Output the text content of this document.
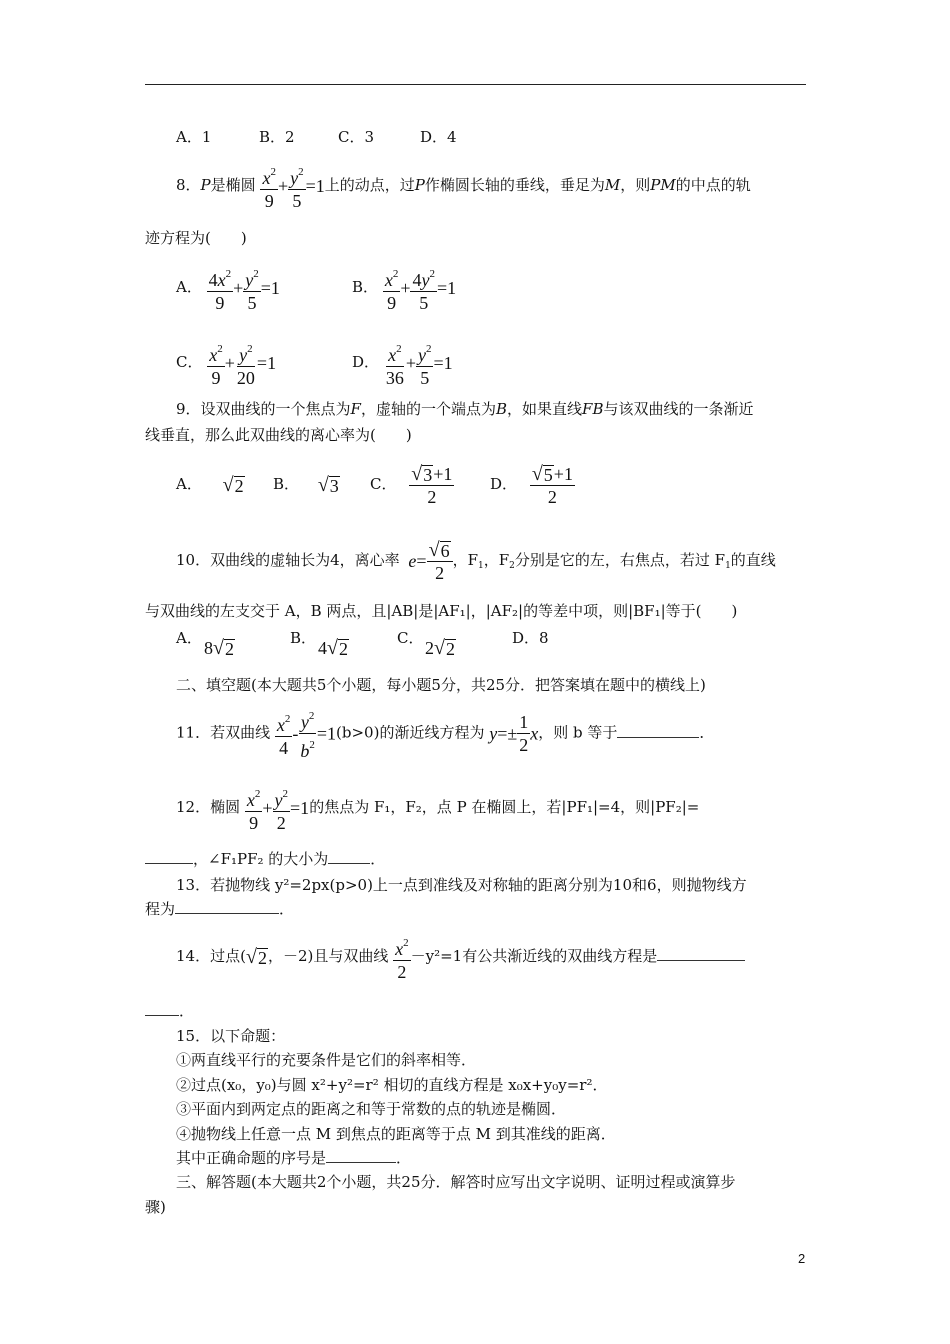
A．1	B．2	C．3	D．4
8．P是椭圆 $\frac{x^2}{9} + \frac{y^2}{5} =1$上的动点，过P作椭圆长轴的垂线，垂足为M，则PM的中点的轨
迹方程为(　　)
A． $\frac{4x^2}{9} + \frac{y^2}{5} =1$	B． $\frac{x^2}{9} + \frac{4y^2}{5} =1$
C． $\frac{x^2}{9} + \frac{y^2}{20} =1$	D． $\frac{x^2}{36} + \frac{y^2}{5} =1$
9．设双曲线的一个焦点为F，虚轴的一个端点为B，如果直线FB与该双曲线的一条渐近
线垂直，那么此双曲线的离心率为(　　)
A． √ 2 B． √ 3 C． $\frac{√ 3 +1}{2}$ D． $\frac{√ 5 +1}{2}$
10．双曲线的虚轴长为4，离心率 $e= \frac{√ 6}{2}$ ，$F_1$，$F_2$分别是它的左，右焦点，若过 $F_1$的直线
与双曲线的左支交于 A，B 两点，且|AB|是|AF₁|，|AF₂|的等差中项，则|BF₁|等于(　　)
A． 8 √ 2
B． 4 √ 2
C． 2 √ 2
D．8
二、填空题(本大题共5个小题，每小题5分，共25分．把答案填在题中的横线上)
11．若双曲线 $\frac{x^2}{4} - \frac{y^2}{b^2} =1(b>0)$的渐近线方程为 $y=\pm \frac{1}{2}$ x，则 b 等于	．
12．椭圆 $\frac{x^2}{9} + \frac{y^2}{2} =1$的焦点为 F₁，F₂，点 P 在椭圆上，若|PF₁|=4，则|PF₂|=
，∠F₁PF₂ 的大小为	．
13．若抛物线 y²=2px(p>0)上一点到准线及对称轴的距离分别为10和6，则抛物线方
程为	．
14．过点( √ 2 ，－2)且与双曲线 $\frac{x^2}{2} -y^2=1$有公共渐近线的双曲线方程是
．
15．以下命题：
①两直线平行的充要条件是它们的斜率相等．
②过点(x₀，y₀)与圆 x²+y²=r² 相切的直线方程是 x₀x+y₀y=r²．
③平面内到两定点的距离之和等于常数的点的轨迹是椭圆．
④抛物线上任意一点 M 到焦点的距离等于点 M 到其准线的距离．
其中正确命题的序号是	．
三、解答题(本大题共2个小题，共25分．解答时应写出文字说明、证明过程或演算步
骤)
2
